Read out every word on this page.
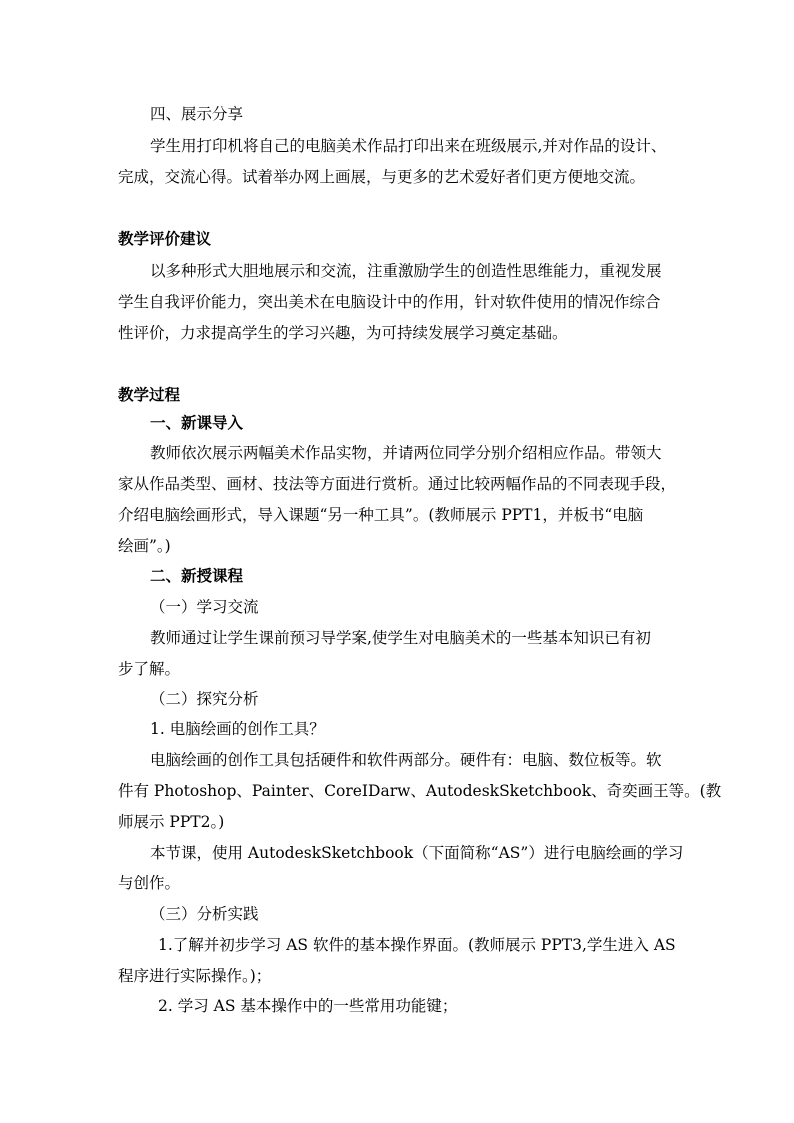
四、展示分享
学生用打印机将自己的电脑美术作品打印出来在班级展示,并对作品的设计、
完成，交流心得。试着举办网上画展，与更多的艺术爱好者们更方便地交流。
教学评价建议
以多种形式大胆地展示和交流，注重激励学生的创造性思维能力，重视发展
学生自我评价能力，突出美术在电脑设计中的作用，针对软件使用的情况作综合
性评价，力求提高学生的学习兴趣，为可持续发展学习奠定基础。
教学过程
一、新课导入
教师依次展示两幅美术作品实物，并请两位同学分别介绍相应作品。带领大
家从作品类型、画材、技法等方面进行赏析。通过比较两幅作品的不同表现手段，
介绍电脑绘画形式，导入课题“另一种工具”。(教师展示 PPT1，并板书“电脑
绘画”。)
二、新授课程
（一）学习交流
教师通过让学生课前预习导学案,使学生对电脑美术的一些基本知识已有初
步了解。
（二）探究分析
1. 电脑绘画的创作工具？
电脑绘画的创作工具包括硬件和软件两部分。硬件有：电脑、数位板等。软
件有 Photoshop、Painter、CoreIDarw、AutodeskSketchbook、奇奕画王等。(教
师展示 PPT2。)
本节课，使用 AutodeskSketchbook（下面简称“AS”）进行电脑绘画的学习
与创作。
（三）分析实践
1.了解并初步学习 AS 软件的基本操作界面。(教师展示 PPT3,学生进入 AS
程序进行实际操作。)；
2. 学习 AS 基本操作中的一些常用功能键；
